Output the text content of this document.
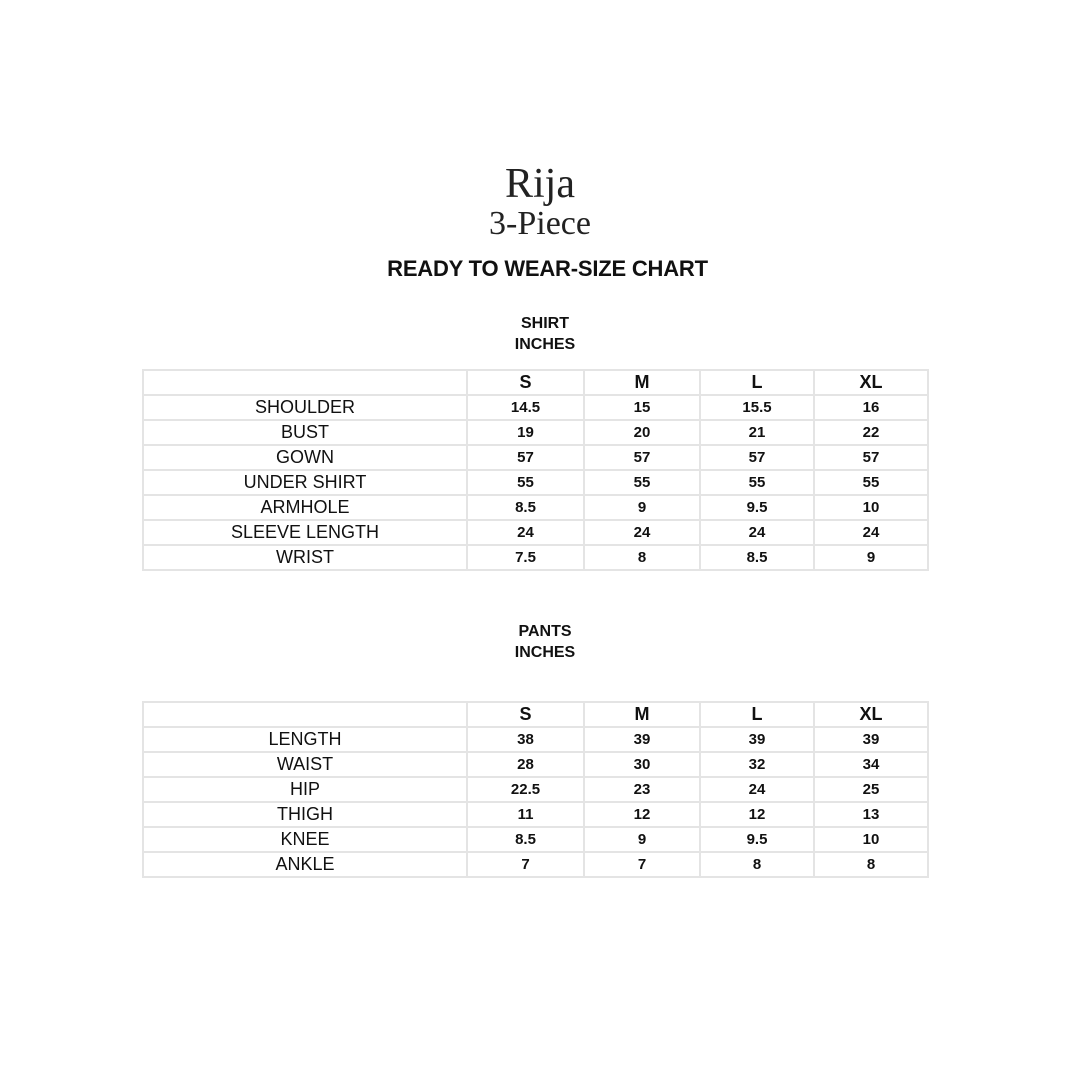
Rija
3-Piece
READY TO WEAR-SIZE CHART
SHIRT
INCHES
	S	M	L	XL
SHOULDER	14.5	15	15.5	16
BUST	19	20	21	22
GOWN	57	57	57	57
UNDER SHIRT	55	55	55	55
ARMHOLE	8.5	9	9.5	10
SLEEVE LENGTH	24	24	24	24
WRIST	7.5	8	8.5	9
PANTS
INCHES
	S	M	L	XL
LENGTH	38	39	39	39
WAIST	28	30	32	34
HIP	22.5	23	24	25
THIGH	11	12	12	13
KNEE	8.5	9	9.5	10
ANKLE	7	7	8	8
